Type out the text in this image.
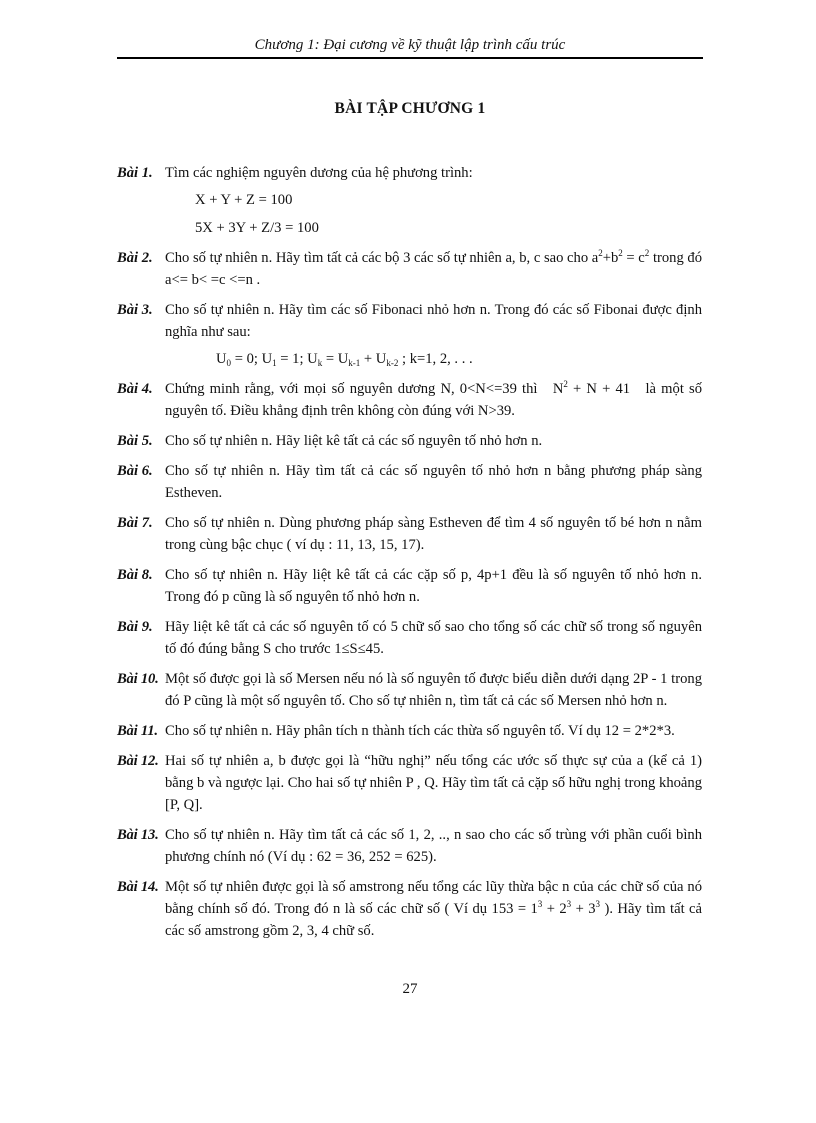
Chương 1: Đại cương về kỹ thuật lập trình cấu trúc
BÀI TẬP CHƯƠNG 1
Bài 1. Tìm các nghiệm nguyên dương của hệ phương trình:
X + Y + Z = 100
5X + 3Y + Z/3 = 100
Bài 2. Cho số tự nhiên n. Hãy tìm tất cả các bộ 3 các số tự nhiên a, b, c sao cho $a^2+b^2 = c^2$ trong đó a<= b< =c <=n .
Bài 3. Cho số tự nhiên n. Hãy tìm các số Fibonaci nhỏ hơn n. Trong đó các số Fibonai được định nghĩa như sau:
$U_0 = 0$; $U_1 = 1$; $U_k = U_{k-1} + U_{k-2}$ ; k=1, 2, . . .
Bài 4. Chứng minh rằng, với mọi số nguyên dương N, 0<N<=39 thì   $N^2 + N + 41$   là một số nguyên tố. Điều khẳng định trên không còn đúng với N>39.
Bài 5. Cho số tự nhiên n. Hãy liệt kê tất cả các số nguyên tố nhỏ hơn n.
Bài 6. Cho số tự nhiên n. Hãy tìm tất cả các số nguyên tố nhỏ hơn n bằng phương pháp sàng Estheven.
Bài 7. Cho số tự nhiên n. Dùng phương pháp sàng Estheven để tìm 4 số nguyên tố bé hơn n nằm trong cùng bậc chục ( ví dụ : 11, 13, 15, 17).
Bài 8. Cho số tự nhiên n. Hãy liệt kê tất cả các cặp số p, 4p+1 đều là số nguyên tố nhỏ hơn n. Trong đó p cũng là số nguyên tố nhỏ hơn n.
Bài 9. Hãy liệt kê tất cả các số nguyên tố có 5 chữ số sao cho tổng số các chữ số trong số nguyên tố đó đúng bằng S cho trước 1≤S≤45.
Bài 10. Một số được gọi là số Mersen nếu nó là số nguyên tố được biểu diễn dưới dạng 2P - 1 trong đó P cũng là một số nguyên tố. Cho số tự nhiên n, tìm tất cả các số Mersen nhỏ hơn n.
Bài 11. Cho số tự nhiên n. Hãy phân tích n thành tích các thừa số nguyên tố. Ví dụ 12 = 2*2*3.
Bài 12. Hai số tự nhiên a, b được gọi là “hữu nghị” nếu tổng các ước số thực sự của a (kể cả 1) bằng b và ngược lại. Cho hai số tự nhiên P , Q. Hãy tìm tất cả cặp số hữu nghị trong khoảng [P, Q].
Bài 13. Cho số tự nhiên n. Hãy tìm tất cả các số 1, 2, .., n sao cho các số trùng với phần cuối bình phương chính nó (Ví dụ : 62 = 36, 252 = 625).
Bài 14. Một số tự nhiên được gọi là số amstrong nếu tổng các lũy thừa bậc n của các chữ số của nó bằng chính số đó. Trong đó n là số các chữ số ( Ví dụ $153 = 1^3 + 2^3 + 3^3$ ). Hãy tìm tất cả các số amstrong gồm 2, 3, 4 chữ số.
27
